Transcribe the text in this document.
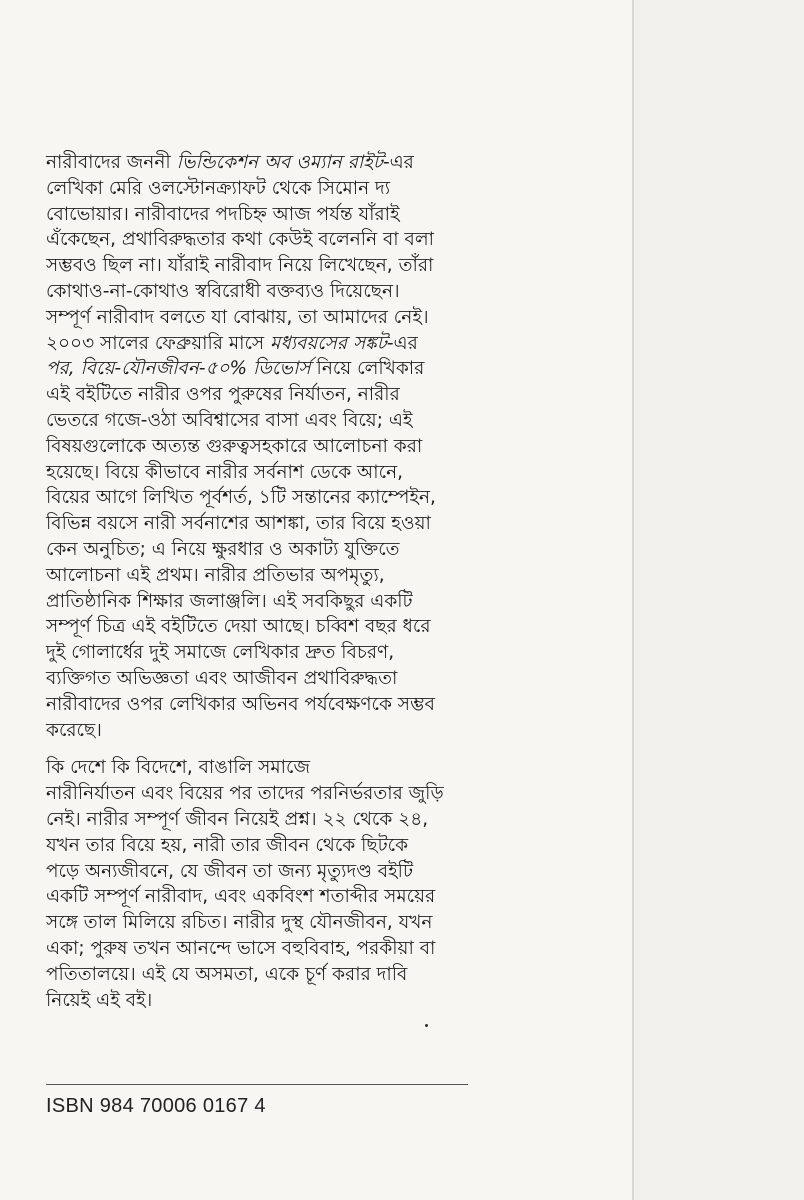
নারীবাদের জননী ভিন্ডিকেশন অব ওম্যান রাইট-এর
লেখিকা মেরি ওলস্টোনক্র্যাফট থেকে সিমোন দ্য
বোভোয়ার। নারীবাদের পদচিহ্ন আজ পর্যন্ত যাঁরাই
এঁকেছেন, প্রথাবিরুদ্ধতার কথা কেউই বলেননি বা বলা
সম্ভবও ছিল না। যাঁরাই নারীবাদ নিয়ে লিখেছেন, তাঁরা
কোথাও-না-কোথাও স্ববিরোধী বক্তব্যও দিয়েছেন।
সম্পূর্ণ নারীবাদ বলতে যা বোঝায়, তা আমাদের নেই।
২০০৩ সালের ফেব্রুয়ারি মাসে মধ্যবয়সের সঙ্কট-এর
পর, বিয়ে-যৌনজীবন-৫০% ডিভোর্স নিয়ে লেখিকার
এই বইটিতে নারীর ওপর পুরুষের নির্যাতন, নারীর
ভেতরে গজে-ওঠা অবিশ্বাসের বাসা এবং বিয়ে; এই
বিষয়গুলোকে অত্যন্ত গুরুত্বসহকারে আলোচনা করা
হয়েছে। বিয়ে কীভাবে নারীর সর্বনাশ ডেকে আনে,
বিয়ের আগে লিখিত পূর্বশর্ত, ১টি সন্তানের ক্যাম্পেইন,
বিভিন্ন বয়সে নারী সর্বনাশের আশঙ্কা, তার বিয়ে হওয়া
কেন অনুচিত; এ নিয়ে ক্ষুরধার ও অকাট্য যুক্তিতে
আলোচনা এই প্রথম। নারীর প্রতিভার অপমৃত্যু,
প্রাতিষ্ঠানিক শিক্ষার জলাঞ্জলি। এই সবকিছুর একটি
সম্পূর্ণ চিত্র এই বইটিতে দেয়া আছে। চব্বিশ বছর ধরে
দুই গোলার্ধের দুই সমাজে লেখিকার দ্রুত বিচরণ,
ব্যক্তিগত অভিজ্ঞতা এবং আজীবন প্রথাবিরুদ্ধতা
নারীবাদের ওপর লেখিকার অভিনব পর্যবেক্ষণকে সম্ভব
করেছে।
কি দেশে কি বিদেশে, বাঙালি সমাজে
নারীনির্যাতন এবং বিয়ের পর তাদের পরনির্ভরতার জুড়ি
নেই। নারীর সম্পূর্ণ জীবন নিয়েই প্রশ্ন। ২২ থেকে ২৪,
যখন তার বিয়ে হয়, নারী তার জীবন থেকে ছিটকে
পড়ে অন্যজীবনে, যে জীবন তা জন্য মৃত্যুদণ্ড বইটি
একটি সম্পূর্ণ নারীবাদ, এবং একবিংশ শতাব্দীর সময়ের
সঙ্গে তাল মিলিয়ে রচিত। নারীর দুস্থ যৌনজীবন, যখন
একা; পুরুষ তখন আনন্দে ভাসে বহুবিবাহ, পরকীয়া বা
পতিতালয়ে। এই যে অসমতা, একে চূর্ণ করার দাবি
নিয়েই এই বই।
ISBN 984 70006 0167 4
